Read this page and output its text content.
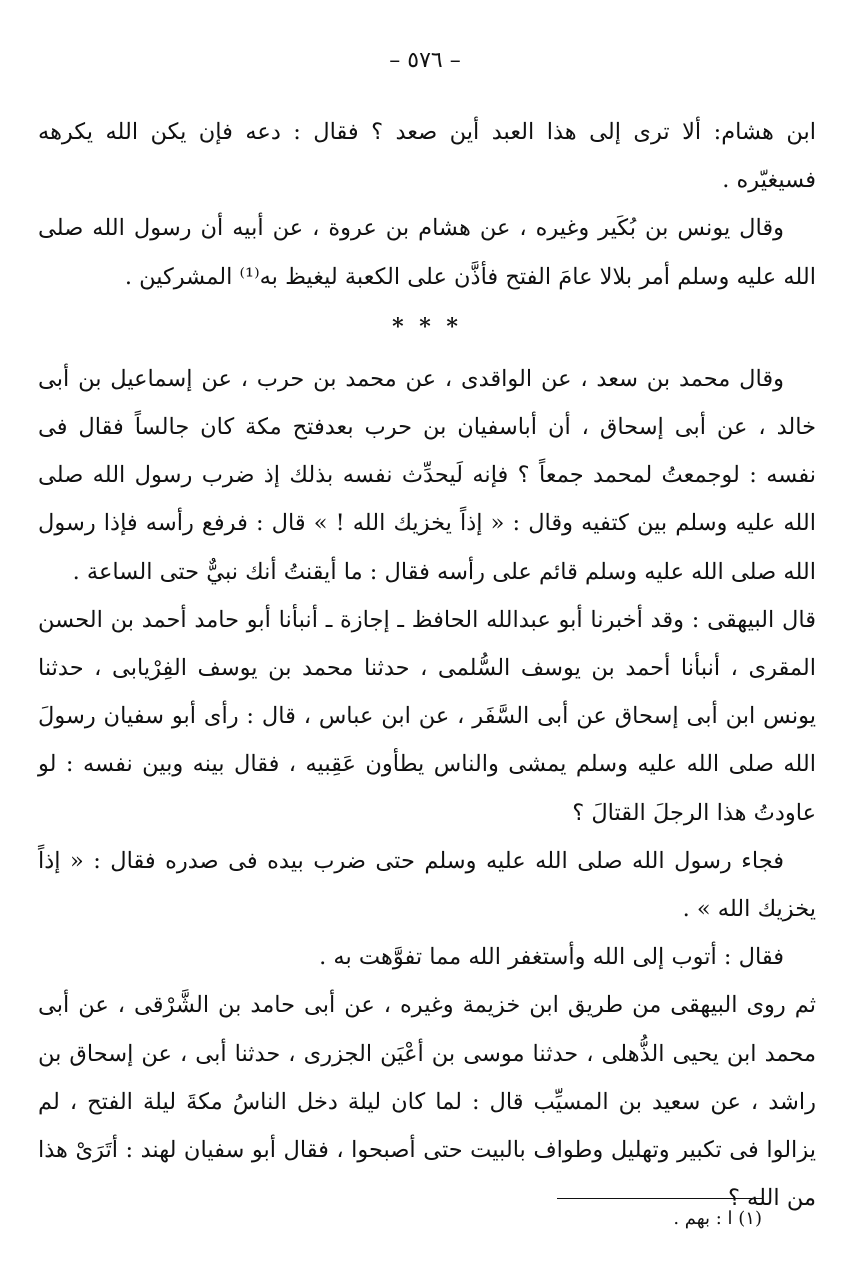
– ٥٧٦ –

ابن هشام: ألا ترى إلى هذا العبد أين صعد ؟ فقال : دعه فإن يكن الله يكرهه فسيغيّره .

وقال يونس بن بُكَير وغيره ، عن هشام بن عروة ، عن أبيه أن رسول الله صلى الله عليه وسلم أمر بلالا عامَ الفتح فأذَّن على الكعبة ليغيظ به⁽¹⁾ المشركين .

* * *

وقال محمد بن سعد ، عن الواقدى ، عن محمد بن حرب ، عن إسماعيل بن أبى خالد ، عن أبى إسحاق ، أن أباسفيان بن حرب بعدفتح مكة كان جالساً فقال فى نفسه : لوجمعتُ لمحمد جمعاً ؟ فإنه لَيحدِّث نفسه بذلك إذ ضرب رسول الله صلى الله عليه وسلم بين كتفيه وقال : « إذاً يخزيك الله ! » قال : فرفع رأسه فإذا رسول الله صلى الله عليه وسلم قائم على رأسه فقال : ما أيقنتُ أنك نبيٌّ حتى الساعة .

قال البيهقى : وقد أخبرنا أبو عبدالله الحافظ ـ إجازة ـ أنبأنا أبو حامد أحمد بن الحسن المقرى ، أنبأنا أحمد بن يوسف السُّلمى ، حدثنا محمد بن يوسف الفِرْيابى ، حدثنا يونس ابن أبى إسحاق عن أبى السَّفَر ، عن ابن عباس ، قال : رأى أبو سفيان رسولَ الله صلى الله عليه وسلم يمشى والناس يطأون عَقِبيه ، فقال بينه وبين نفسه : لو عاودتُ هذا الرجلَ القتالَ ؟

فجاء رسول الله صلى الله عليه وسلم حتى ضرب بيده فى صدره فقال : « إذاً يخزيك الله » .

فقال : أتوب إلى الله وأستغفر الله مما تفوَّهت به .

ثم روى البيهقى من طريق ابن خزيمة وغيره ، عن أبى حامد بن الشَّرْقى ، عن أبى محمد ابن يحيى الذُّهلى ، حدثنا موسى بن أعْيَن الجزرى ، حدثنا أبى ، عن إسحاق بن راشد ، عن سعيد بن المسيِّب قال : لما كان ليلة دخل الناسُ مكةَ ليلة الفتح ، لم يزالوا فى تكبير وتهليل وطواف بالبيت حتى أصبحوا ، فقال أبو سفيان لهند : أتَرَىْ هذا من الله ؟

(١) ا : بهم .
